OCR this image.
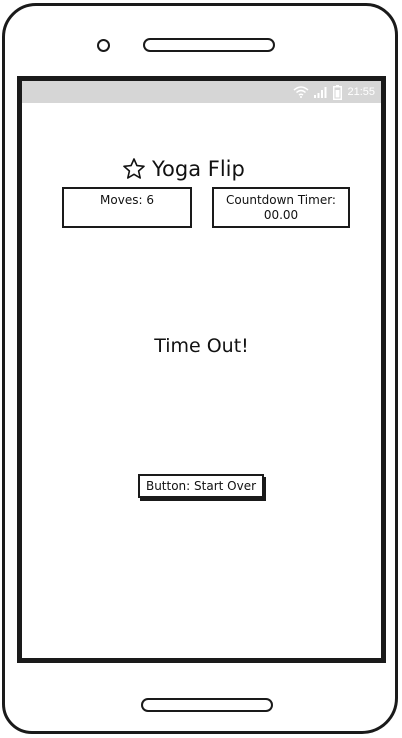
21:55
Yoga Flip
Moves: 6	Countdown Timer:
00.00
Time Out!
Button: Start Over
